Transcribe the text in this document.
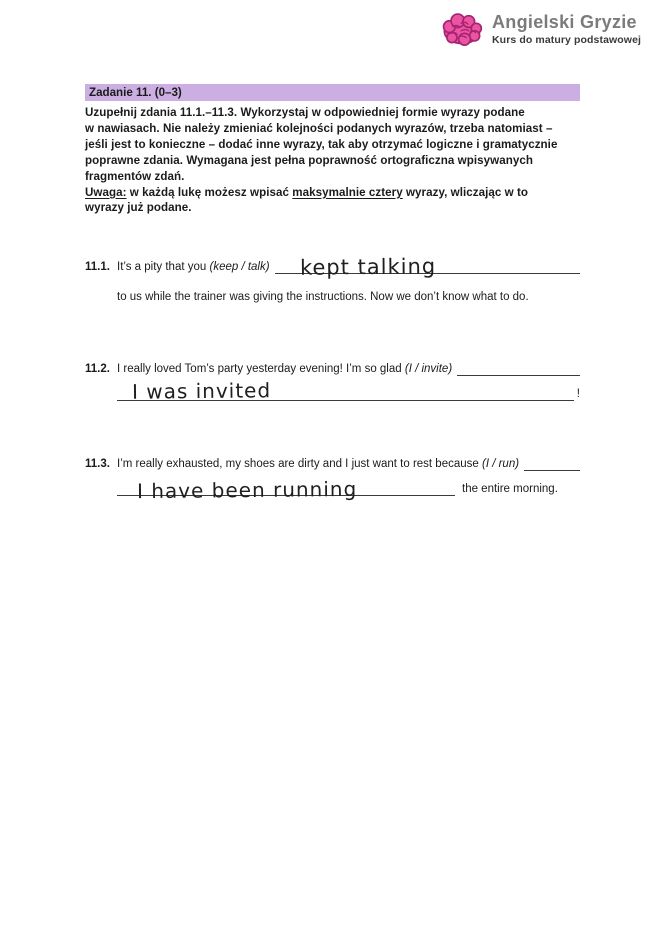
Angielski Gryzie
Kurs do matury podstawowej
Zadanie 11. (0–3)
Uzupełnij zdania 11.1.–11.3. Wykorzystaj w odpowiedniej formie wyrazy podane
w nawiasach. Nie należy zmieniać kolejności podanych wyrazów, trzeba natomiast –
jeśli jest to konieczne – dodać inne wyrazy, tak aby otrzymać logiczne i gramatycznie
poprawne zdania. Wymagana jest pełna poprawność ortograficzna wpisywanych
fragmentów zdań.
Uwaga: w każdą lukę możesz wpisać maksymalnie cztery wyrazy, wliczając w to
wyrazy już podane.
11.1. It’s a pity that you (keep / talk) kept talking
to us while the trainer was giving the instructions. Now we don’t know what to do.
11.2. I really loved Tom’s party yesterday evening! I’m so glad (I / invite)
I was invited	!
11.3. I’m really exhausted, my shoes are dirty and I just want to rest because (I / run)
I have been running	the entire morning.
